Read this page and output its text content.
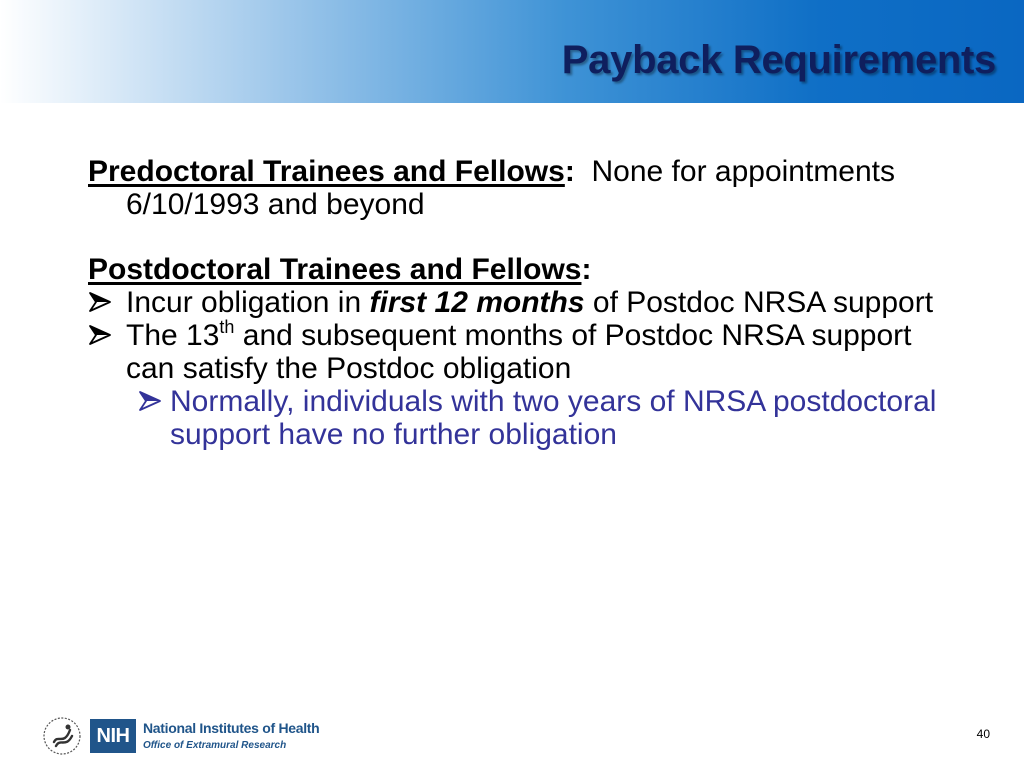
Payback Requirements

Predoctoral Trainees and Fellows: None for appointments 6/10/1993 and beyond

Postdoctoral Trainees and Fellows:

Incur obligation in first 12 months of Postdoc NRSA support

The 13th and subsequent months of Postdoc NRSA support can satisfy the Postdoc obligation

Normally, individuals with two years of NRSA postdoctoral support have no further obligation

NIH National Institutes of Health
Office of Extramural Research
40
